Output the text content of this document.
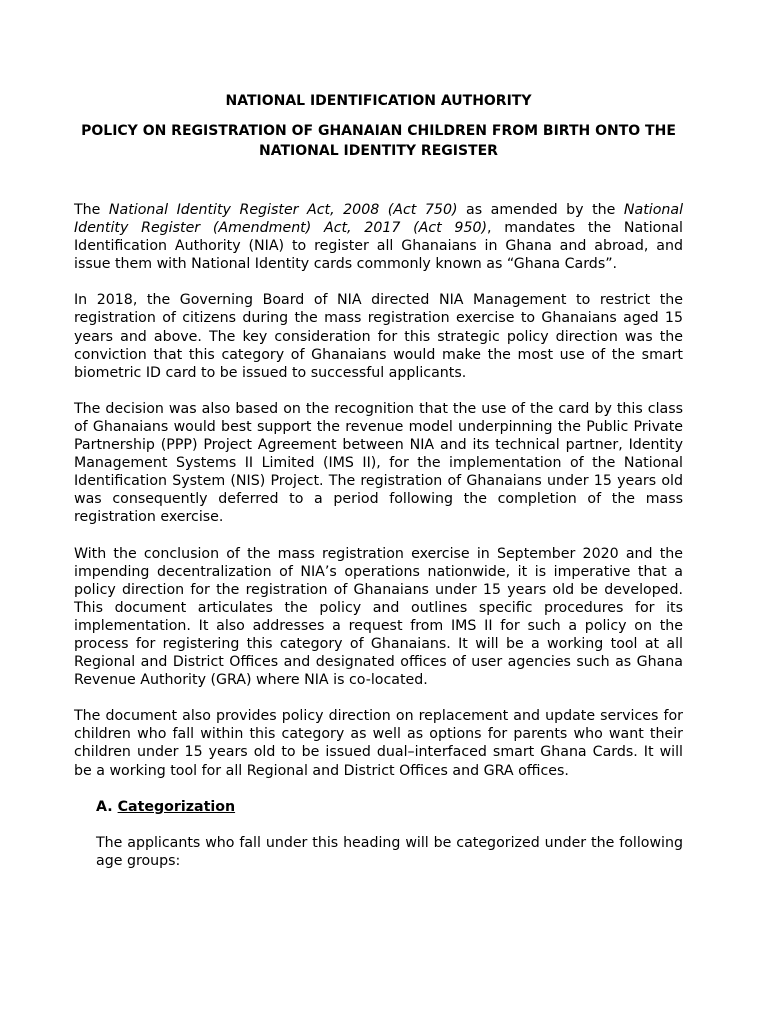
NATIONAL IDENTIFICATION AUTHORITY
POLICY ON REGISTRATION OF GHANAIAN CHILDREN FROM BIRTH ONTO THE NATIONAL IDENTITY REGISTER

The National Identity Register Act, 2008 (Act 750) as amended by the National Identity Register (Amendment) Act, 2017 (Act 950), mandates the National Identification Authority (NIA) to register all Ghanaians in Ghana and abroad, and issue them with National Identity cards commonly known as “Ghana Cards”.

In 2018, the Governing Board of NIA directed NIA Management to restrict the registration of citizens during the mass registration exercise to Ghanaians aged 15 years and above. The key consideration for this strategic policy direction was the conviction that this category of Ghanaians would make the most use of the smart biometric ID card to be issued to successful applicants.

The decision was also based on the recognition that the use of the card by this class of Ghanaians would best support the revenue model underpinning the Public Private Partnership (PPP) Project Agreement between NIA and its technical partner, Identity Management Systems II Limited (IMS II), for the implementation of the National Identification System (NIS) Project. The registration of Ghanaians under 15 years old was consequently deferred to a period following the completion of the mass registration exercise.

With the conclusion of the mass registration exercise in September 2020 and the impending decentralization of NIA’s operations nationwide, it is imperative that a policy direction for the registration of Ghanaians under 15 years old be developed. This document articulates the policy and outlines specific procedures for its implementation. It also addresses a request from IMS II for such a policy on the process for registering this category of Ghanaians. It will be a working tool at all Regional and District Offices and designated offices of user agencies such as Ghana Revenue Authority (GRA) where NIA is co-located.

The document also provides policy direction on replacement and update services for children who fall within this category as well as options for parents who want their children under 15 years old to be issued dual–interfaced smart Ghana Cards. It will be a working tool for all Regional and District Offices and GRA offices.

A. Categorization

The applicants who fall under this heading will be categorized under the following age groups:
